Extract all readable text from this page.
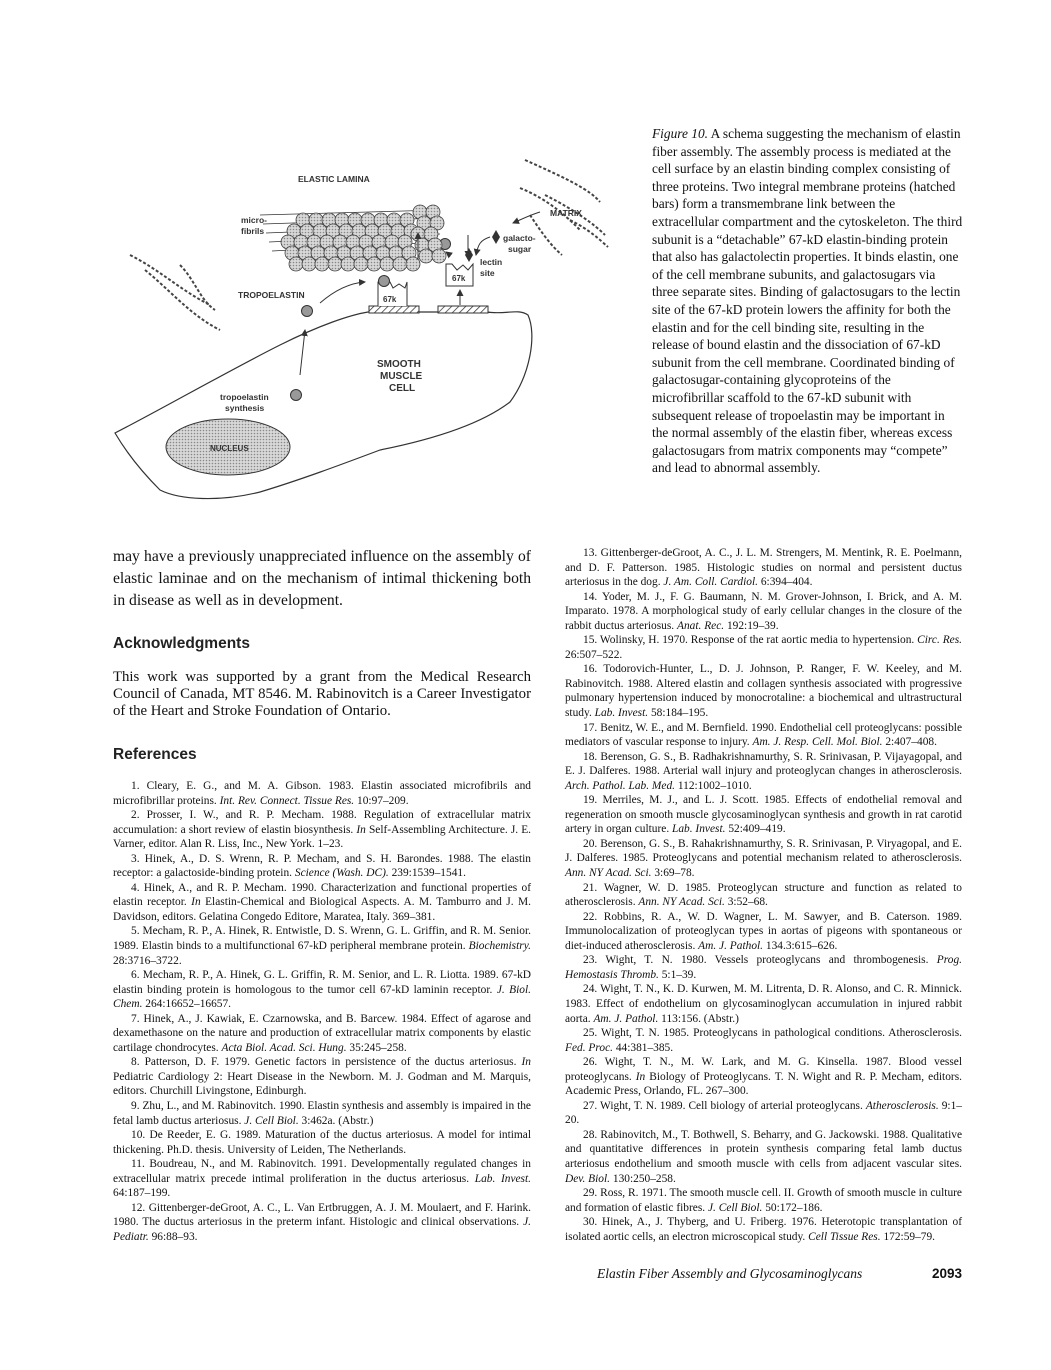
NUCLEUS
67k
67k
ELASTIC LAMINA
micro-
fibrils
MATRIX
galacto-
sugar
lectin
site
TROPOELASTIN
SMOOTH
MUSCLE
CELL
tropoelastin
synthesis
Figure 10. A schema suggesting the mechanism of elastin fiber assembly. The assembly process is mediated at the cell surface by an elastin binding complex consisting of three proteins. Two integral membrane proteins (hatched bars) form a transmembrane link between the extracellular compartment and the cytoskeleton. The third subunit is a “detachable” 67-kD elastin-binding protein that also has galactolectin properties. It binds elastin, one of the cell membrane subunits, and galactosugars via three separate sites. Binding of galactosugars to the lectin site of the 67-kD protein lowers the affinity for both the elastin and for the cell binding site, resulting in the release of bound elastin and the dissociation of 67-kD subunit from the cell membrane. Coordinated binding of galactosugar-containing glycoproteins of the microfibrillar scaffold to the 67-kD subunit with subsequent release of tropoelastin may be important in the normal assembly of the elastin fiber, whereas excess galactosugars from matrix components may “compete” and lead to abnormal assembly.

may have a previously unappreciated influence on the assembly of elastic laminae and on the mechanism of intimal thickening both in disease as well as in development.

Acknowledgments

This work was supported by a grant from the Medical Research Council of Canada, MT 8546. M. Rabinovitch is a Career Investigator of the Heart and Stroke Foundation of Ontario.

References

1. Cleary, E. G., and M. A. Gibson. 1983. Elastin associated microfibrils and microfibrillar proteins. Int. Rev. Connect. Tissue Res. 10:97–209.

2. Prosser, I. W., and R. P. Mecham. 1988. Regulation of extracellular matrix accumulation: a short review of elastin biosynthesis. In Self-Assembling Architecture. J. E. Varner, editor. Alan R. Liss, Inc., New York. 1–23.

3. Hinek, A., D. S. Wrenn, R. P. Mecham, and S. H. Barondes. 1988. The elastin receptor: a galactoside-binding protein. Science (Wash. DC). 239:1539–1541.

4. Hinek, A., and R. P. Mecham. 1990. Characterization and functional properties of elastin receptor. In Elastin-Chemical and Biological Aspects. A. M. Tamburro and J. M. Davidson, editors. Gelatina Congedo Editore, Maratea, Italy. 369–381.

5. Mecham, R. P., A. Hinek, R. Entwistle, D. S. Wrenn, G. L. Griffin, and R. M. Senior. 1989. Elastin binds to a multifunctional 67-kD peripheral membrane protein. Biochemistry. 28:3716–3722.

6. Mecham, R. P., A. Hinek, G. L. Griffin, R. M. Senior, and L. R. Liotta. 1989. 67-kD elastin binding protein is homologous to the tumor cell 67-kD laminin receptor. J. Biol. Chem. 264:16652–16657.

7. Hinek, A., J. Kawiak, E. Czarnowska, and B. Barcew. 1984. Effect of agarose and dexamethasone on the nature and production of extracellular matrix components by elastic cartilage chondrocytes. Acta Biol. Acad. Sci. Hung. 35:245–258.

8. Patterson, D. F. 1979. Genetic factors in persistence of the ductus arteriosus. In Pediatric Cardiology 2: Heart Disease in the Newborn. M. J. Godman and M. Marquis, editors. Churchill Livingstone, Edinburgh.

9. Zhu, L., and M. Rabinovitch. 1990. Elastin synthesis and assembly is impaired in the fetal lamb ductus arteriosus. J. Cell Biol. 3:462a. (Abstr.)

10. De Reeder, E. G. 1989. Maturation of the ductus arteriosus. A model for intimal thickening. Ph.D. thesis. University of Leiden, The Netherlands.

11. Boudreau, N., and M. Rabinovitch. 1991. Developmentally regulated changes in extracellular matrix precede intimal proliferation in the ductus arteriosus. Lab. Invest. 64:187–199.

12. Gittenberger-deGroot, A. C., L. Van Ertbruggen, A. J. M. Moulaert, and F. Harink. 1980. The ductus arteriosus in the preterm infant. Histologic and clinical observations. J. Pediatr. 96:88–93.

13. Gittenberger-deGroot, A. C., J. L. M. Strengers, M. Mentink, R. E. Poelmann, and D. F. Patterson. 1985. Histologic studies on normal and persistent ductus arteriosus in the dog. J. Am. Coll. Cardiol. 6:394–404.

14. Yoder, M. J., F. G. Baumann, N. M. Grover-Johnson, I. Brick, and A. M. Imparato. 1978. A morphological study of early cellular changes in the closure of the rabbit ductus arteriosus. Anat. Rec. 192:19–39.

15. Wolinsky, H. 1970. Response of the rat aortic media to hypertension. Circ. Res. 26:507–522.

16. Todorovich-Hunter, L., D. J. Johnson, P. Ranger, F. W. Keeley, and M. Rabinovitch. 1988. Altered elastin and collagen synthesis associated with progressive pulmonary hypertension induced by monocrotaline: a biochemical and ultrastructural study. Lab. Invest. 58:184–195.

17. Benitz, W. E., and M. Bernfield. 1990. Endothelial cell proteoglycans: possible mediators of vascular response to injury. Am. J. Resp. Cell. Mol. Biol. 2:407–408.

18. Berenson, G. S., B. Radhakrishnamurthy, S. R. Srinivasan, P. Vijayagopal, and E. J. Dalferes. 1988. Arterial wall injury and proteoglycan changes in atherosclerosis. Arch. Pathol. Lab. Med. 112:1002–1010.

19. Merriles, M. J., and L. J. Scott. 1985. Effects of endothelial removal and regeneration on smooth muscle glycosaminoglycan synthesis and growth in rat carotid artery in organ culture. Lab. Invest. 52:409–419.

20. Berenson, G. S., B. Rahakrishnamurthy, S. R. Srinivasan, P. Viryagopal, and E. J. Dalferes. 1985. Proteoglycans and potential mechanism related to atherosclerosis. Ann. NY Acad. Sci. 3:69–78.

21. Wagner, W. D. 1985. Proteoglycan structure and function as related to atherosclerosis. Ann. NY Acad. Sci. 3:52–68.

22. Robbins, R. A., W. D. Wagner, L. M. Sawyer, and B. Caterson. 1989. Immunolocalization of proteoglycan types in aortas of pigeons with spontaneous or diet-induced atherosclerosis. Am. J. Pathol. 134.3:615–626.

23. Wight, T. N. 1980. Vessels proteoglycans and thrombogenesis. Prog. Hemostasis Thromb. 5:1–39.

24. Wight, T. N., K. D. Kurwen, M. M. Litrenta, D. R. Alonso, and C. R. Minnick. 1983. Effect of endothelium on glycosaminoglycan accumulation in injured rabbit aorta. Am. J. Pathol. 113:156. (Abstr.)

25. Wight, T. N. 1985. Proteoglycans in pathological conditions. Atherosclerosis. Fed. Proc. 44:381–385.

26. Wight, T. N., M. W. Lark, and M. G. Kinsella. 1987. Blood vessel proteoglycans. In Biology of Proteoglycans. T. N. Wight and R. P. Mecham, editors. Academic Press, Orlando, FL. 267–300.

27. Wight, T. N. 1989. Cell biology of arterial proteoglycans. Atherosclerosis. 9:1–20.

28. Rabinovitch, M., T. Bothwell, S. Beharry, and G. Jackowski. 1988. Qualitative and quantitative differences in protein synthesis comparing fetal lamb ductus arteriosus endothelium and smooth muscle with cells from adjacent vascular sites. Dev. Biol. 130:250–258.

29. Ross, R. 1971. The smooth muscle cell. II. Growth of smooth muscle in culture and formation of elastic fibres. J. Cell Biol. 50:172–186.

30. Hinek, A., J. Thyberg, and U. Friberg. 1976. Heterotopic transplantation of isolated aortic cells, an electron microscopical study. Cell Tissue Res. 172:59–79.

Elastin Fiber Assembly and Glycosaminoglycans	2093
